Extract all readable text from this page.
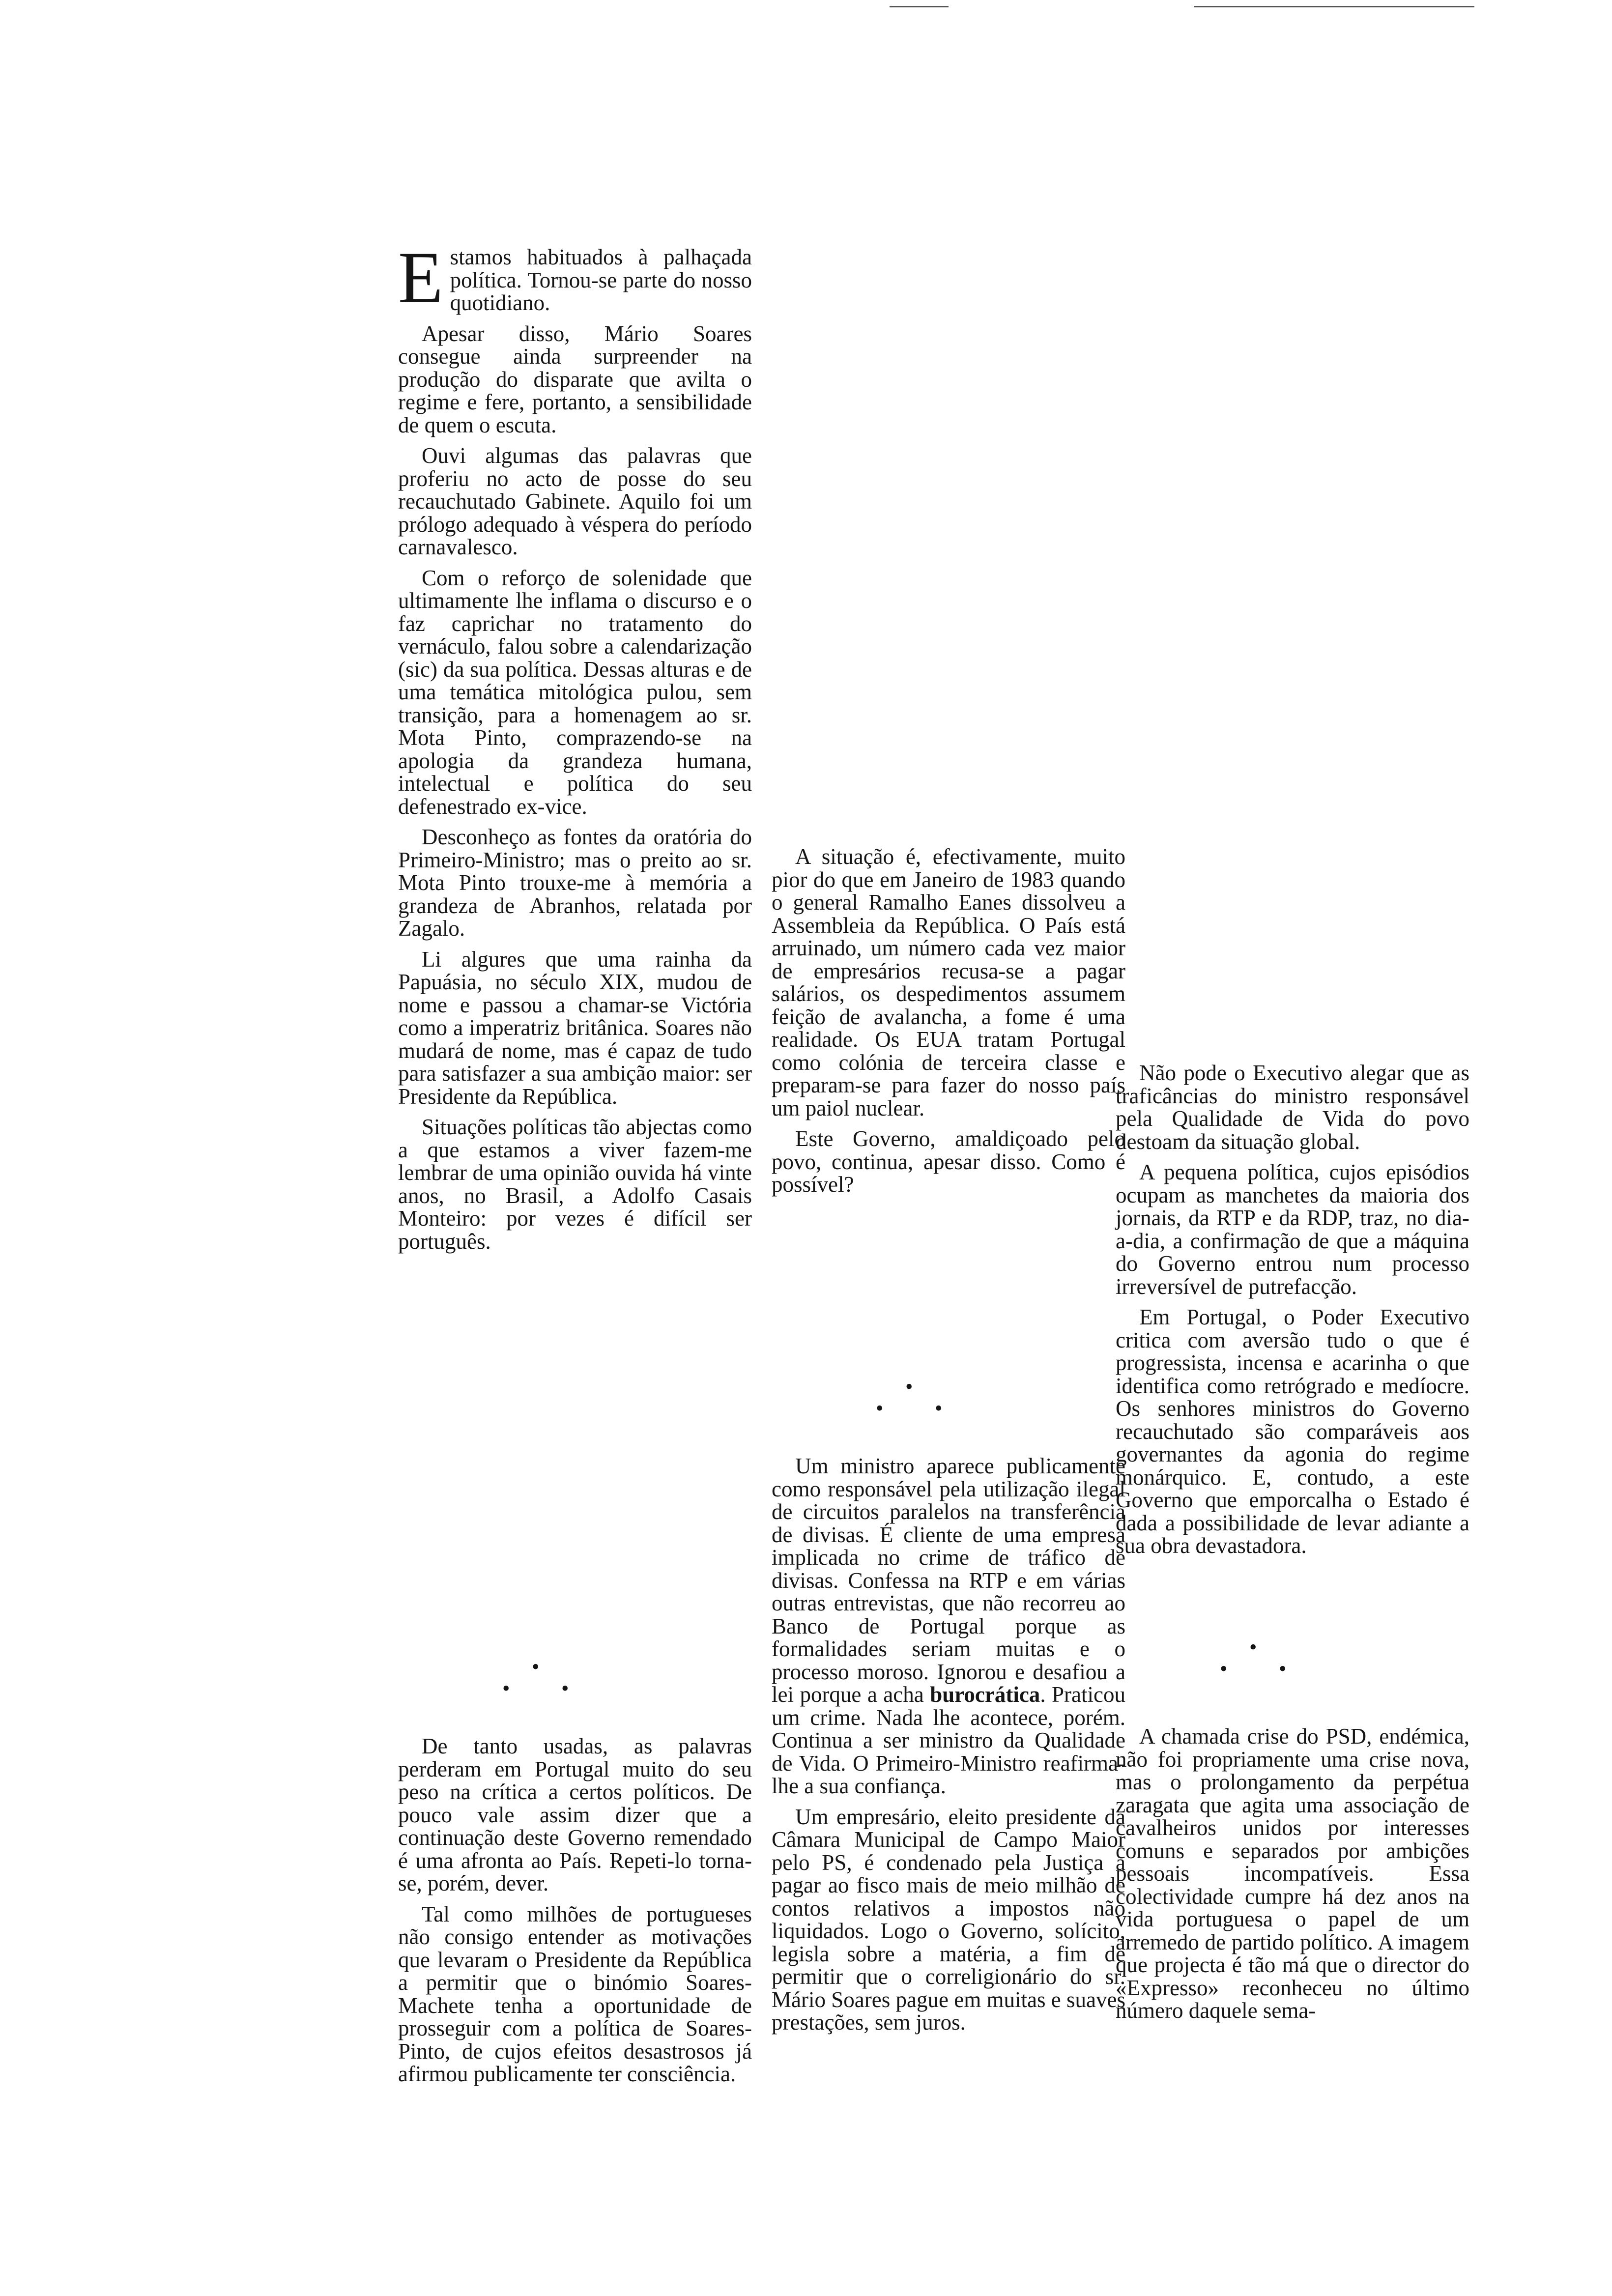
Estamos habituados à palhaçada política. Tornou-se parte do nosso quotidiano.

Apesar disso, Mário Soares consegue ainda surpreender na produção do disparate que avilta o regime e fere, portanto, a sensibilidade de quem o escuta.

Ouvi algumas das palavras que proferiu no acto de posse do seu recauchutado Gabinete. Aquilo foi um prólogo adequado à véspera do período carnavalesco.

Com o reforço de solenidade que ultimamente lhe inflama o discurso e o faz caprichar no tratamento do vernáculo, falou sobre a calendarização (sic) da sua política. Dessas alturas e de uma temática mitológica pulou, sem transição, para a homenagem ao sr. Mota Pinto, comprazendo-se na apologia da grandeza humana, intelectual e política do seu defenestrado ex-vice.

Desconheço as fontes da oratória do Primeiro-Ministro; mas o preito ao sr. Mota Pinto trouxe-me à memória a grandeza de Abranhos, relatada por Zagalo.

Li algures que uma rainha da Papuásia, no século XIX, mudou de nome e passou a chamar-se Victória como a imperatriz britânica. Soares não mudará de nome, mas é capaz de tudo para satisfazer a sua ambição maior: ser Presidente da República.

Situações políticas tão abjectas como a que estamos a viver fazem-me lembrar de uma opinião ouvida há vinte anos, no Brasil, a Adolfo Casais Monteiro: por vezes é difícil ser português.

•
• •

De tanto usadas, as palavras perderam em Portugal muito do seu peso na crítica a certos políticos. De pouco vale assim dizer que a continuação deste Governo remendado é uma afronta ao País. Repeti-lo torna-se, porém, dever.

Tal como milhões de portugueses não consigo entender as motivações que levaram o Presidente da República a permitir que o binómio Soares-Machete tenha a oportunidade de prosseguir com a política de Soares-Pinto, de cujos efeitos desastrosos já afirmou publicamente ter consciência.

A situação é, efectivamente, muito pior do que em Janeiro de 1983 quando o general Ramalho Eanes dissolveu a Assembleia da República. O País está arruinado, um número cada vez maior de empresários recusa-se a pagar salários, os despedimentos assumem feição de avalancha, a fome é uma realidade. Os EUA tratam Portugal como colónia de terceira classe e preparam-se para fazer do nosso país um paiol nuclear.

Este Governo, amaldiçoado pelo povo, continua, apesar disso. Como é possível?

•
• •

Um ministro aparece publicamente como responsável pela utilização ilegal de circuitos paralelos na transferência de divisas. É cliente de uma empresa implicada no crime de tráfico de divisas. Confessa na RTP e em várias outras entrevistas, que não recorreu ao Banco de Portugal porque as formalidades seriam muitas e o processo moroso. Ignorou e desafiou a lei porque a acha burocrática. Praticou um crime. Nada lhe acontece, porém. Continua a ser ministro da Qualidade de Vida. O Primeiro-Ministro reafirma-lhe a sua confiança.

Um empresário, eleito presidente da Câmara Municipal de Campo Maior pelo PS, é condenado pela Justiça a pagar ao fisco mais de meio milhão de contos relativos a impostos não liquidados. Logo o Governo, solícito, legisla sobre a matéria, a fim de permitir que o correligionário do sr. Mário Soares pague em muitas e suaves prestações, sem juros.

Não pode o Executivo alegar que as traficâncias do ministro responsável pela Qualidade de Vida do povo destoam da situação global.

A pequena política, cujos episódios ocupam as manchetes da maioria dos jornais, da RTP e da RDP, traz, no dia-a-dia, a confirmação de que a máquina do Governo entrou num processo irreversível de putrefacção.

Em Portugal, o Poder Executivo critica com aversão tudo o que é progressista, incensa e acarinha o que identifica como retrógrado e medíocre. Os senhores ministros do Governo recauchutado são comparáveis aos governantes da agonia do regime monárquico. E, contudo, a este Governo que emporcalha o Estado é dada a possibilidade de levar adiante a sua obra devastadora.

•
• •

A chamada crise do PSD, endémica, não foi propriamente uma crise nova, mas o prolongamento da perpétua zaragata que agita uma associação de cavalheiros unidos por interesses comuns e separados por ambições pessoais incompatíveis. Essa colectividade cumpre há dez anos na vida portuguesa o papel de um arremedo de partido político. A imagem que projecta é tão má que o director do «Expresso» reconheceu no último número daquele sema-
